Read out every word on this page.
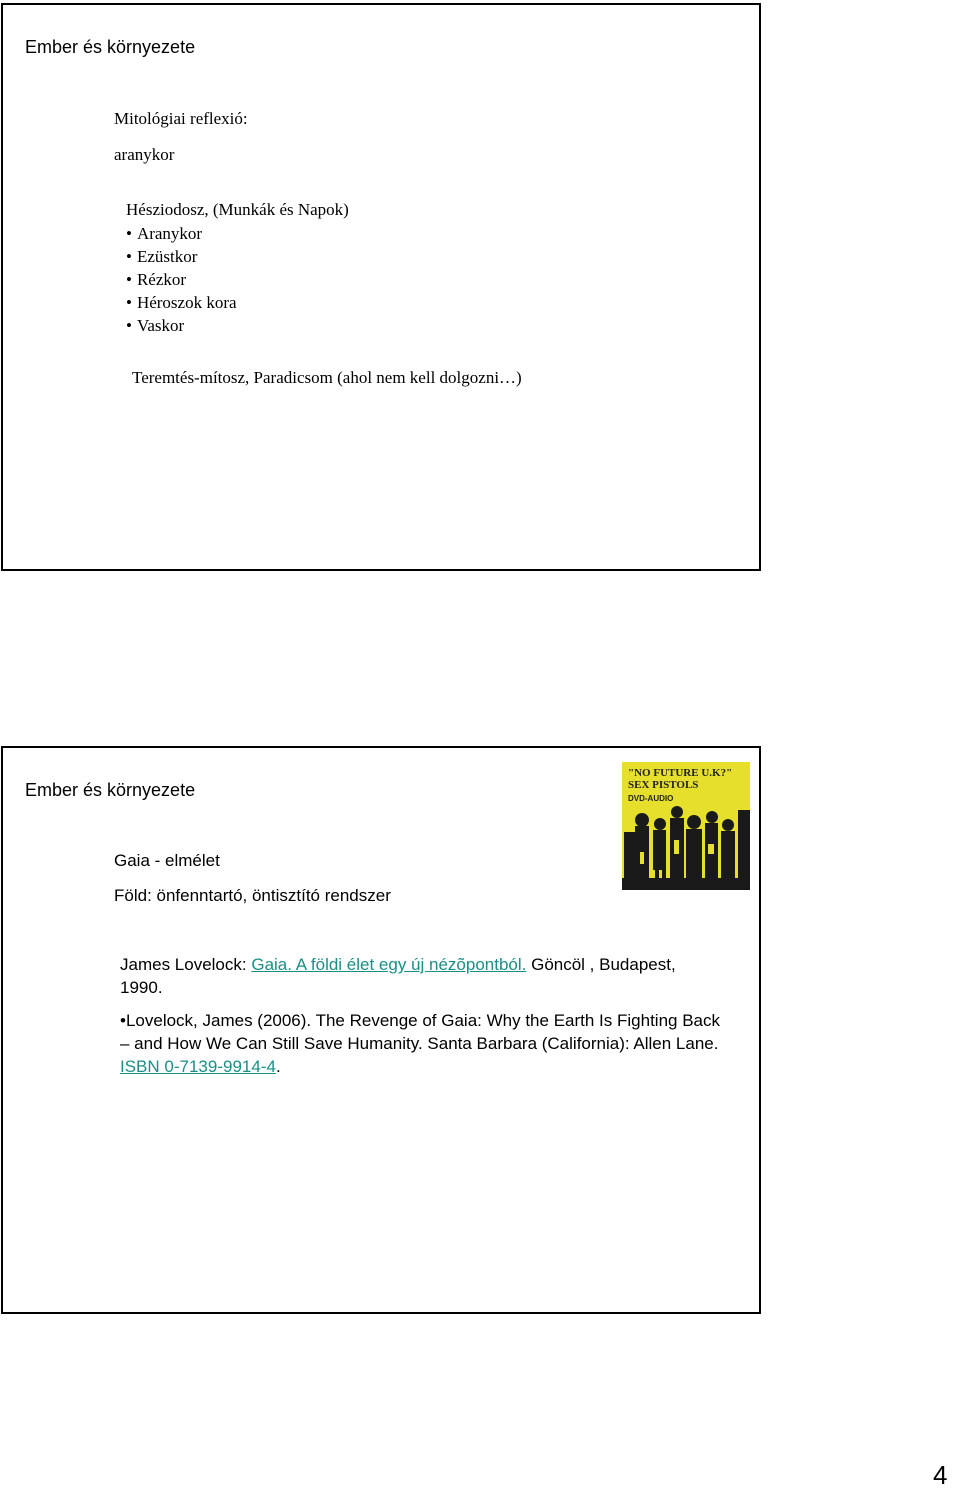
Ember és környezete
Mitológiai reflexió:
aranykor
Hésziodosz, (Munkák és Napok)
• Aranykor
• Ezüstkor
• Rézkor
• Héroszok kora
• Vaskor
Teremtés-mítosz, Paradicsom (ahol nem kell dolgozni…)
Ember és környezete
Gaia - elmélet
Föld: önfenntartó, öntisztító rendszer
"NO FUTURE U.K?"
SEX PISTOLS
DVD-AUDIO

James Lovelock: Gaia. A földi élet egy új nézõpontból. Göncöl , Budapest, 1990.

•Lovelock, James (2006). The Revenge of Gaia: Why the Earth Is Fighting Back – and How We Can Still Save Humanity. Santa Barbara (California): Allen Lane. ISBN 0-7139-9914-4.

4
